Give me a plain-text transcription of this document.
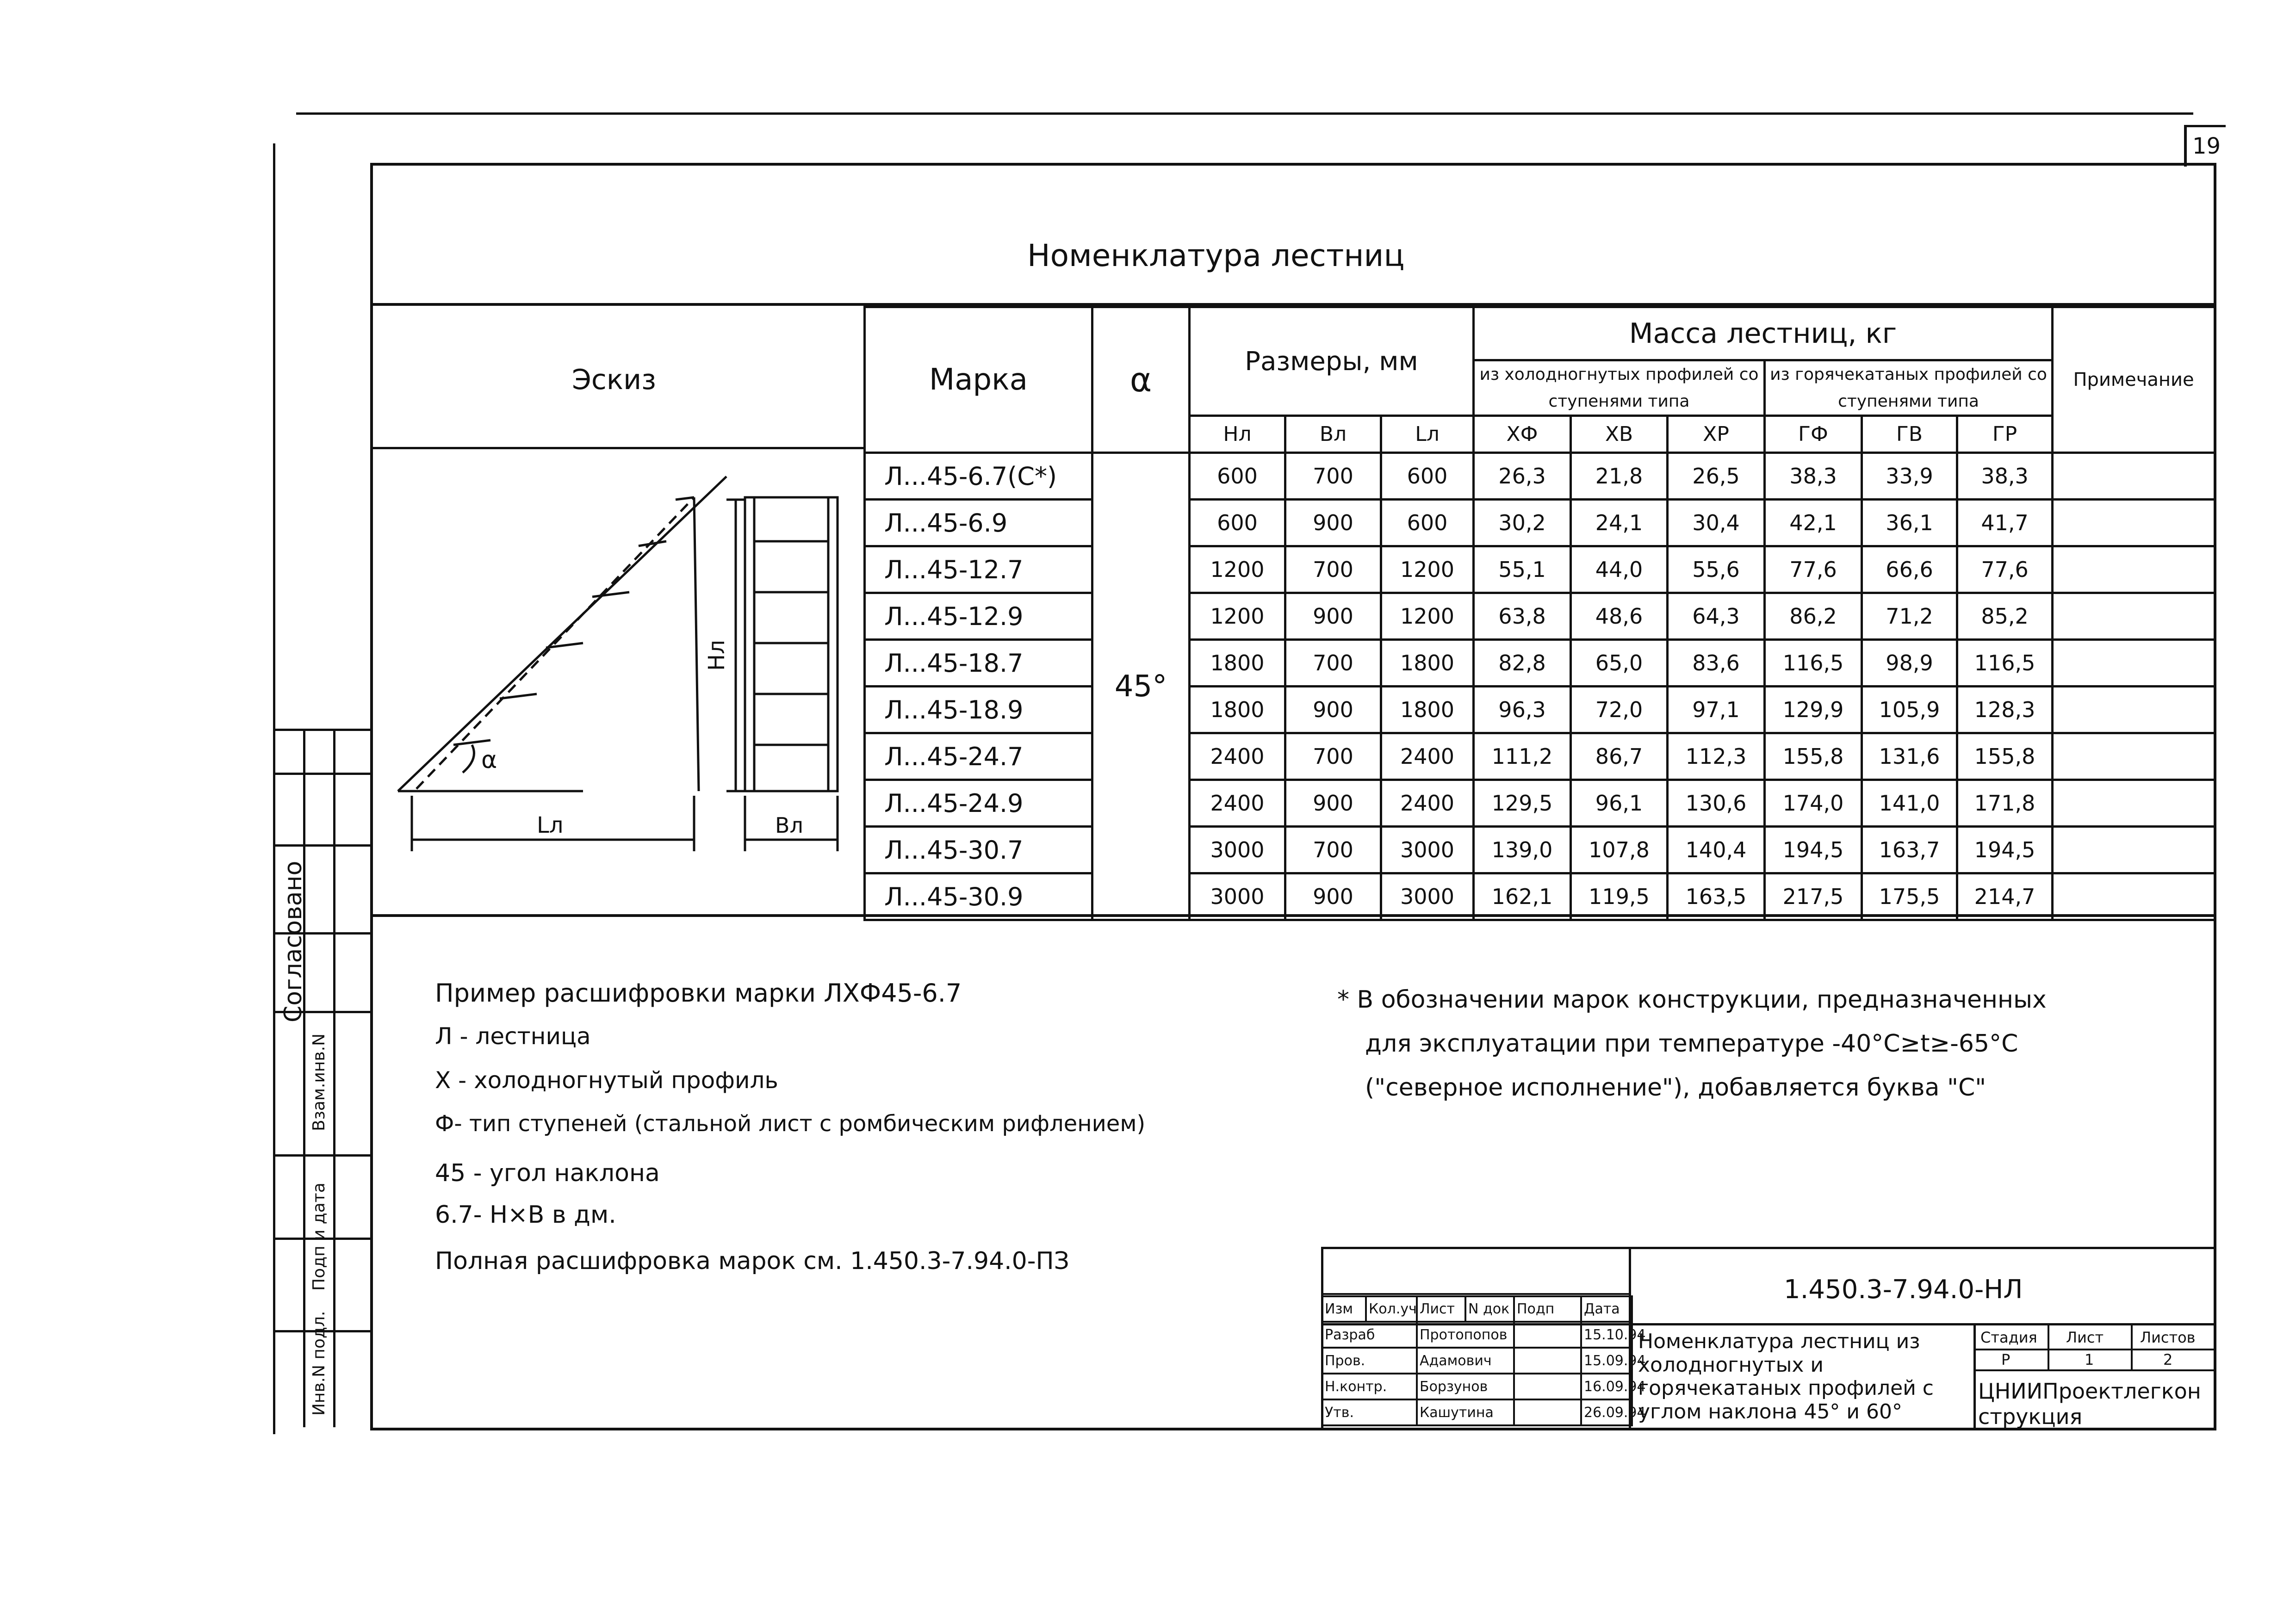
19
Согласовано
Взам.инв.N
Подп и дата
Инв.N подл.
Номенклатура лестниц
Марка	α	Размеры, мм			Масса лестниц, кг						Примечание
					из холодногнутых профилей со ступенями типа			из горячекатаных профилей со ступенями типа			
		Нл	Вл	Lл	ХФ	ХВ	ХР	ГФ	ГВ	ГР	
Л...45-6.7(С*)	45°	600	700	600	26,3	21,8	26,5	38,3	33,9	38,3	
Л...45-6.9		600	900	600	30,2	24,1	30,4	42,1	36,1	41,7	
Л...45-12.7		1200	700	1200	55,1	44,0	55,6	77,6	66,6	77,6	
Л...45-12.9		1200	900	1200	63,8	48,6	64,3	86,2	71,2	85,2	
Л...45-18.7		1800	700	1800	82,8	65,0	83,6	116,5	98,9	116,5	
Л...45-18.9		1800	900	1800	96,3	72,0	97,1	129,9	105,9	128,3	
Л...45-24.7		2400	700	2400	111,2	86,7	112,3	155,8	131,6	155,8	
Л...45-24.9		2400	900	2400	129,5	96,1	130,6	174,0	141,0	171,8	
Л...45-30.7		3000	700	3000	139,0	107,8	140,4	194,5	163,7	194,5	
Л...45-30.9		3000	900	3000	162,1	119,5	163,5	217,5	175,5	214,7	
Эскиз
Lл	Вл
α
Нл
Пример расшифровки марки ЛХФ45-6.7
Л - лестница
Х - холодногнутый профиль
Ф- тип ступеней (стальной лист с ромбическим рифлением)
45 - угол наклона
6.7- Н×В в дм.
Полная расшифровка марок см. 1.450.3-7.94.0-ПЗ
* В обозначении марок конструкции, предназначенных
для эксплуатации при температуре -40°С≥t≥-65°С
("северное исполнение"), добавляется буква "С"
1.450.3-7.94.0-НЛ
Изм	Кол.уч	Лист	N док	Подп	Дата
Разраб		Протопопов			15.10.94
Пров.		Адамович			15.09.94
Н.контр.		Борзунов			16.09.94
Утв.		Кашутина			26.09.94
Номенклатура лестниц из холодногнутых и горячекатаных профилей с углом наклона 45° и 60°
Стадия Лист Листов
Р	1	2
ЦНИИПроектлегконструкция
